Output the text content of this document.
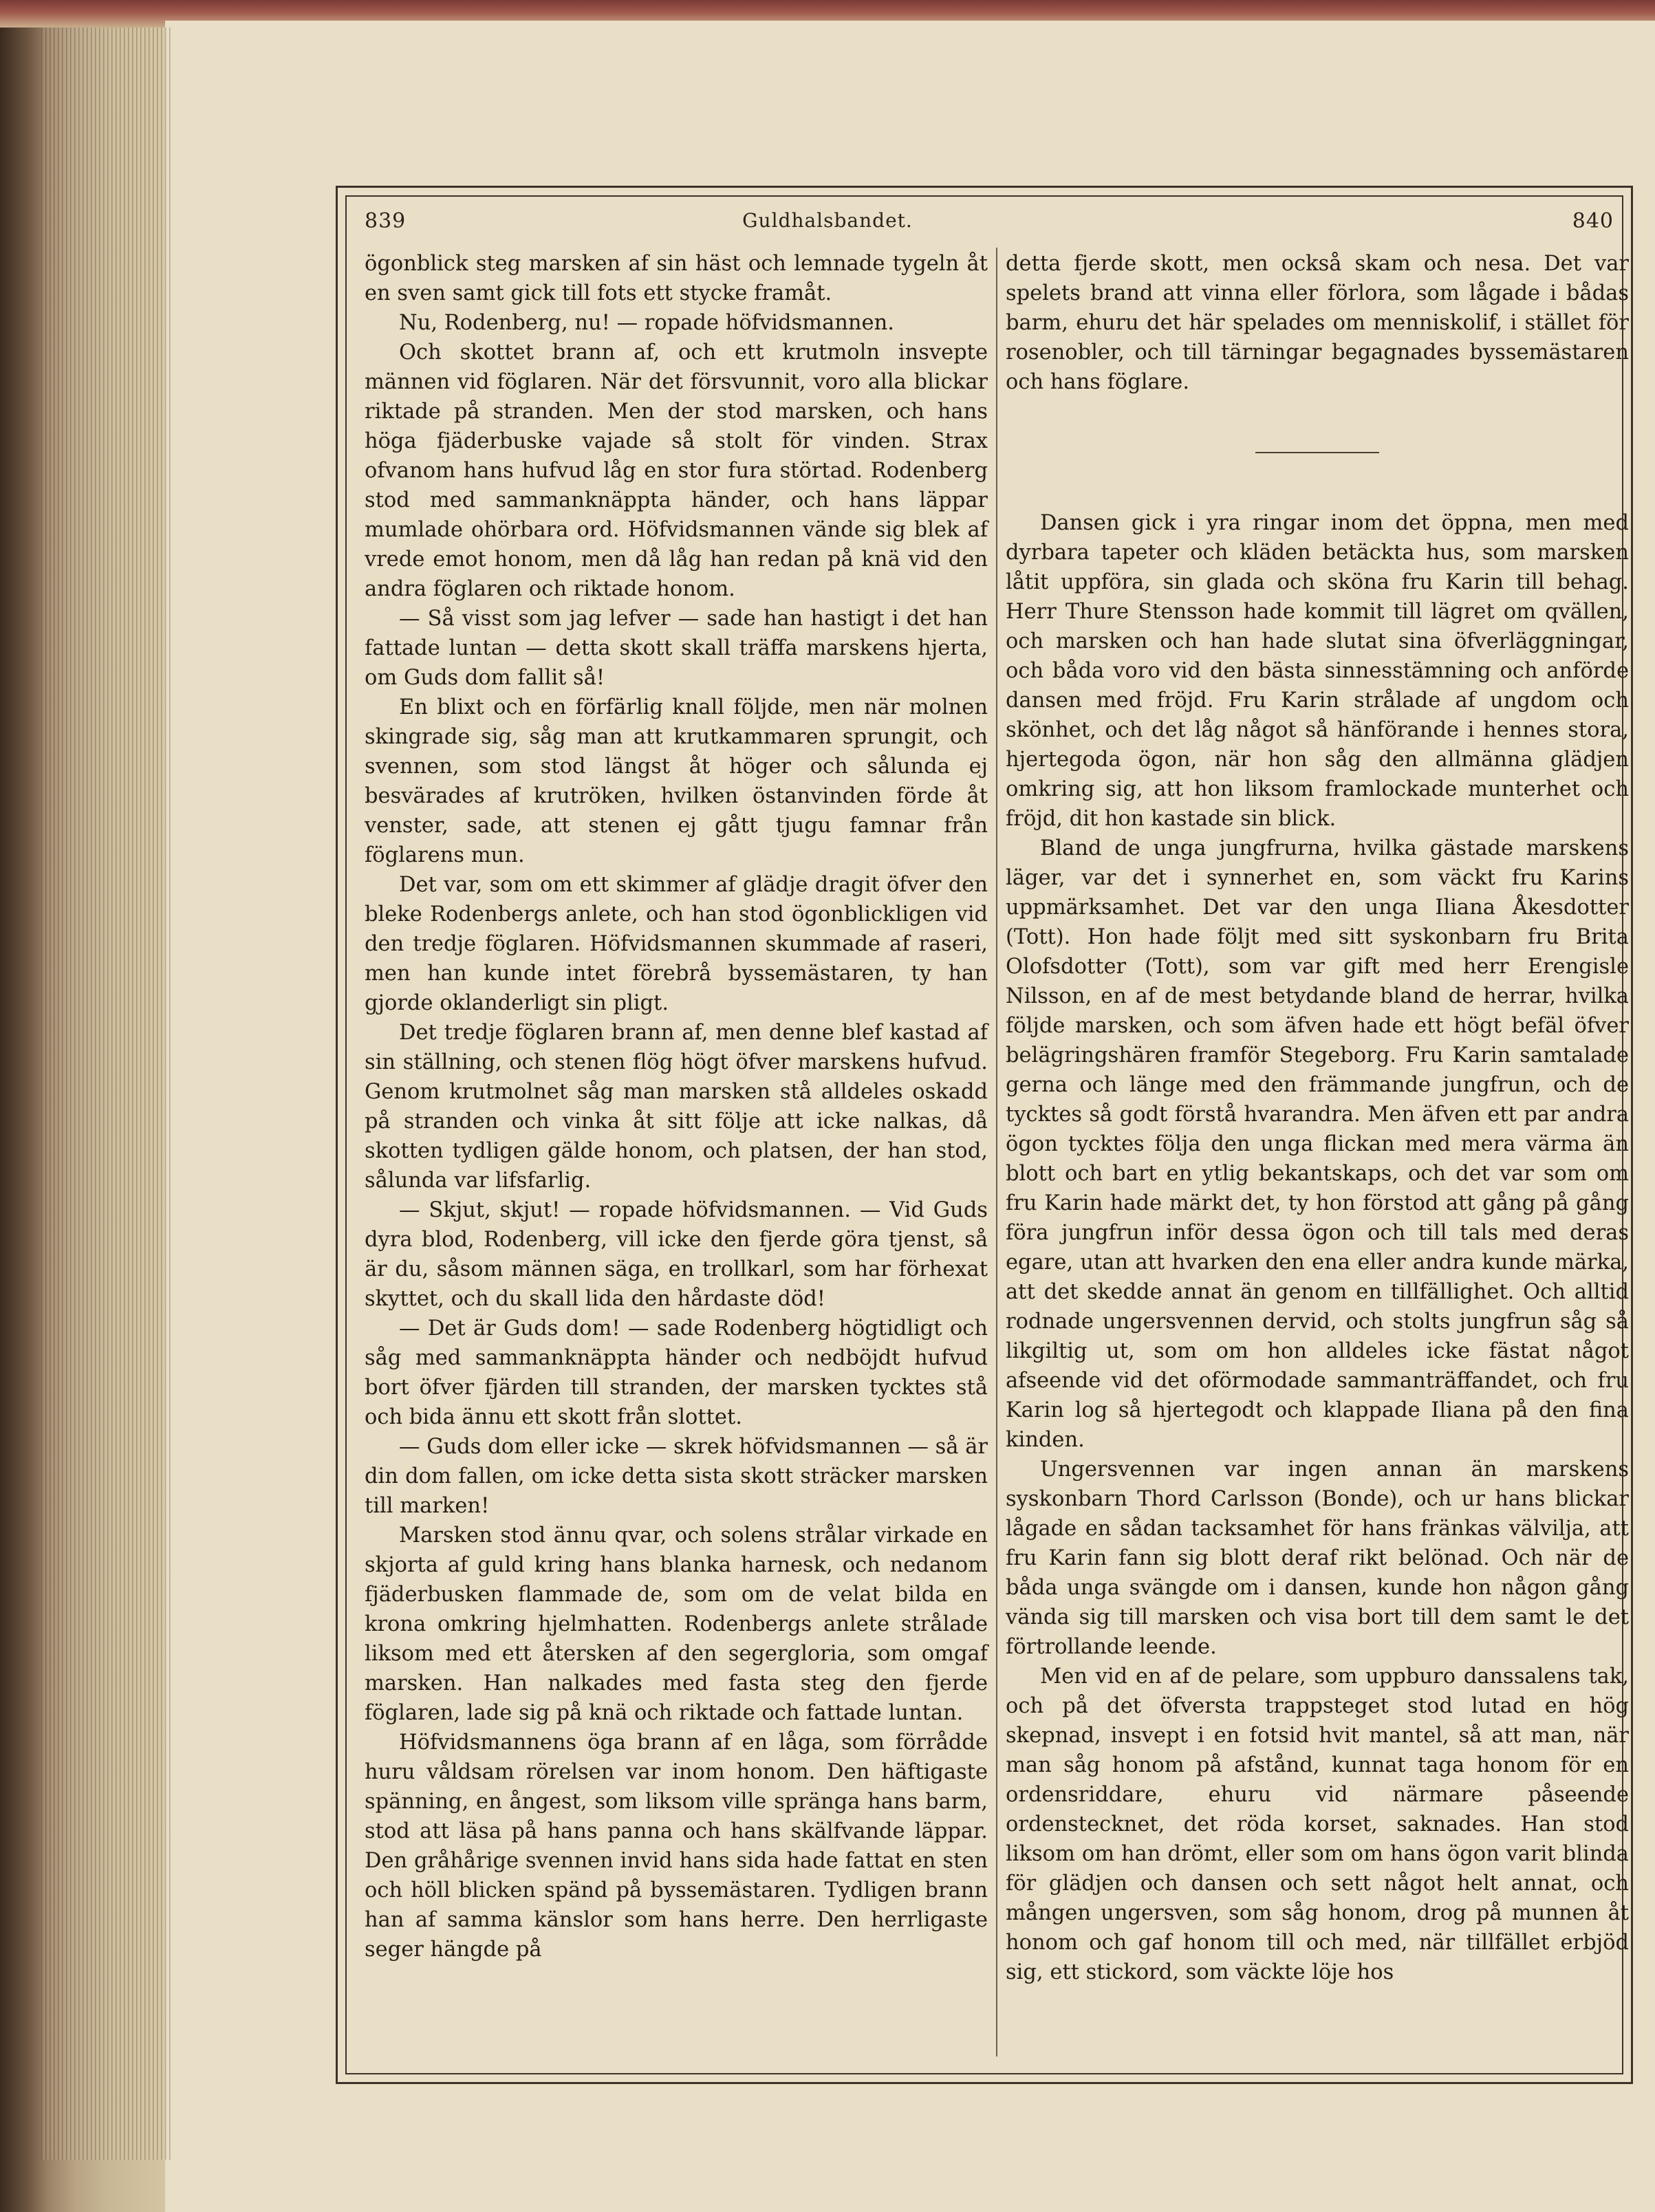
839	Guldhalsbandet.	840

ögonblick steg marsken af sin häst och lemnade tygeln åt en sven samt gick till fots ett stycke framåt.

Nu, Rodenberg, nu! — ropade höfvidsmannen.

Och skottet brann af, och ett krutmoln insvepte männen vid föglaren. När det försvunnit, voro alla blickar riktade på stranden. Men der stod marsken, och hans höga fjäderbuske vajade så stolt för vinden. Strax ofvanom hans hufvud låg en stor fura störtad. Rodenberg stod med sammanknäppta händer, och hans läppar mumlade ohörbara ord. Höfvidsmannen vände sig blek af vrede emot honom, men då låg han redan på knä vid den andra föglaren och riktade honom.

— Så visst som jag lefver — sade han hastigt i det han fattade luntan — detta skott skall träffa marskens hjerta, om Guds dom fallit så!

En blixt och en förfärlig knall följde, men när molnen skingrade sig, såg man att krutkammaren sprungit, och svennen, som stod längst åt höger och sålunda ej besvärades af krutröken, hvilken östanvinden förde åt venster, sade, att stenen ej gått tjugu famnar från föglarens mun.

Det var, som om ett skimmer af glädje dragit öfver den bleke Rodenbergs anlete, och han stod ögonblickligen vid den tredje föglaren. Höfvidsmannen skummade af raseri, men han kunde intet förebrå byssemästaren, ty han gjorde oklanderligt sin pligt.

Det tredje föglaren brann af, men denne blef kastad af sin ställning, och stenen flög högt öfver marskens hufvud. Genom krutmolnet såg man marsken stå alldeles oskadd på stranden och vinka åt sitt följe att icke nalkas, då skotten tydligen gälde honom, och platsen, der han stod, sålunda var lifsfarlig.

— Skjut, skjut! — ropade höfvidsmannen. — Vid Guds dyra blod, Rodenberg, vill icke den fjerde göra tjenst, så är du, såsom männen säga, en trollkarl, som har förhexat skyttet, och du skall lida den hårdaste död!

— Det är Guds dom! — sade Rodenberg högtidligt och såg med sammanknäppta händer och nedböjdt hufvud bort öfver fjärden till stranden, der marsken tycktes stå och bida ännu ett skott från slottet.

— Guds dom eller icke — skrek höfvidsmannen — så är din dom fallen, om icke detta sista skott sträcker marsken till marken!

Marsken stod ännu qvar, och solens strålar virkade en skjorta af guld kring hans blanka harnesk, och nedanom fjäderbusken flammade de, som om de velat bilda en krona omkring hjelmhatten. Rodenbergs anlete strålade liksom med ett återsken af den segergloria, som omgaf marsken. Han nalkades med fasta steg den fjerde föglaren, lade sig på knä och riktade och fattade luntan.

Höfvidsmannens öga brann af en låga, som förrådde huru våldsam rörelsen var inom honom. Den häftigaste spänning, en ångest, som liksom ville spränga hans barm, stod att läsa på hans panna och hans skälfvande läppar. Den gråhårige svennen invid hans sida hade fattat en sten och höll blicken spänd på byssemästaren. Tydligen brann han af samma känslor som hans herre. Den herrligaste seger hängde på

detta fjerde skott, men också skam och nesa. Det var spelets brand att vinna eller förlora, som lågade i bådas barm, ehuru det här spelades om menniskolif, i stället för rosenobler, och till tärningar begagnades byssemästaren och hans föglare.

Dansen gick i yra ringar inom det öppna, men med dyrbara tapeter och kläden betäckta hus, som marsken låtit uppföra, sin glada och sköna fru Karin till behag. Herr Thure Stensson hade kommit till lägret om qvällen, och marsken och han hade slutat sina öfverläggningar, och båda voro vid den bästa sinnesstämning och anförde dansen med fröjd. Fru Karin strålade af ungdom och skönhet, och det låg något så hänförande i hennes stora, hjertegoda ögon, när hon såg den allmänna glädjen omkring sig, att hon liksom framlockade munterhet och fröjd, dit hon kastade sin blick.

Bland de unga jungfrurna, hvilka gästade marskens läger, var det i synnerhet en, som väckt fru Karins uppmärksamhet. Det var den unga Iliana Åkesdotter (Tott). Hon hade följt med sitt syskonbarn fru Brita Olofsdotter (Tott), som var gift med herr Erengisle Nilsson, en af de mest betydande bland de herrar, hvilka följde marsken, och som äfven hade ett högt befäl öfver belägringshären framför Stegeborg. Fru Karin samtalade gerna och länge med den främmande jungfrun, och de tycktes så godt förstå hvarandra. Men äfven ett par andra ögon tycktes följa den unga flickan med mera värma än blott och bart en ytlig bekantskaps, och det var som om fru Karin hade märkt det, ty hon förstod att gång på gång föra jungfrun inför dessa ögon och till tals med deras egare, utan att hvarken den ena eller andra kunde märka, att det skedde annat än genom en tillfällighet. Och alltid rodnade ungersvennen dervid, och stolts jungfrun såg så likgiltig ut, som om hon alldeles icke fästat något afseende vid det oförmodade sammanträffandet, och fru Karin log så hjertegodt och klappade Iliana på den fina kinden.

Ungersvennen var ingen annan än marskens syskonbarn Thord Carlsson (Bonde), och ur hans blickar lågade en sådan tacksamhet för hans fränkas välvilja, att fru Karin fann sig blott deraf rikt belönad. Och när de båda unga svängde om i dansen, kunde hon någon gång vända sig till marsken och visa bort till dem samt le det förtrollande leende.

Men vid en af de pelare, som uppburo danssalens tak, och på det öfversta trappsteget stod lutad en hög skepnad, insvept i en fotsid hvit mantel, så att man, när man såg honom på afstånd, kunnat taga honom för en ordensriddare, ehuru vid närmare påseende ordenstecknet, det röda korset, saknades. Han stod liksom om han drömt, eller som om hans ögon varit blinda för glädjen och dansen och sett något helt annat, och mången ungersven, som såg honom, drog på munnen åt honom och gaf honom till och med, när tillfället erbjöd sig, ett stickord, som väckte löje hos
